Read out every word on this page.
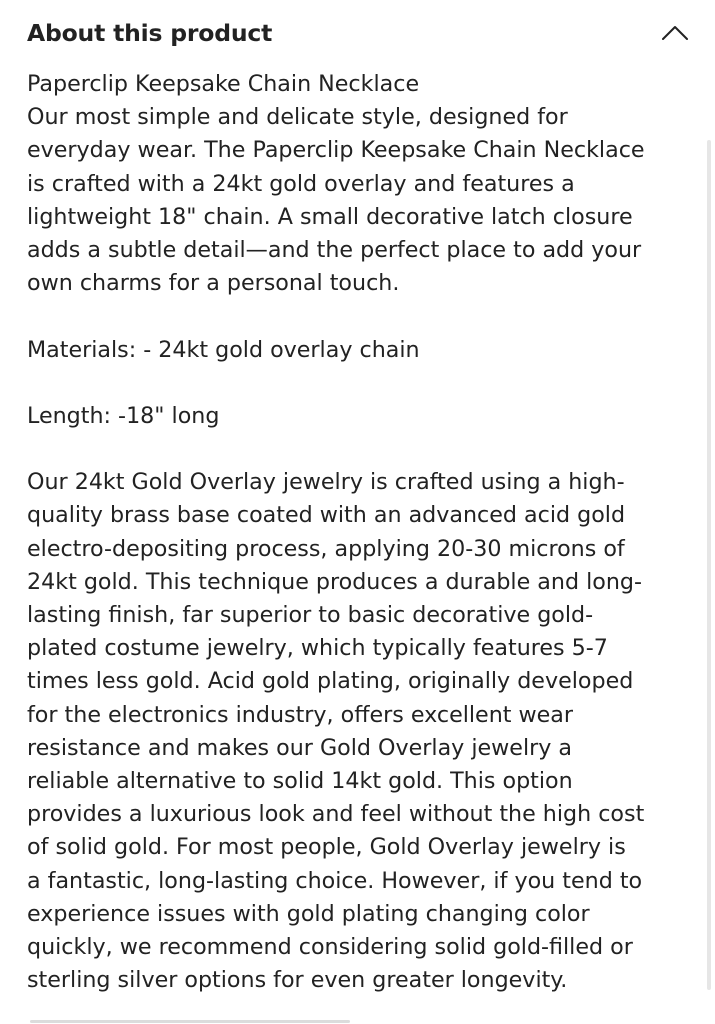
About this product
Paperclip Keepsake Chain Necklace
Our most simple and delicate style, designed for
everyday wear. The Paperclip Keepsake Chain Necklace
is crafted with a 24kt gold overlay and features a
lightweight 18" chain. A small decorative latch closure
adds a subtle detail—and the perfect place to add your
own charms for a personal touch.
Materials: - 24kt gold overlay chain
Length: -18" long
Our 24kt Gold Overlay jewelry is crafted using a high-
quality brass base coated with an advanced acid gold
electro-depositing process, applying 20-30 microns of
24kt gold. This technique produces a durable and long-
lasting finish, far superior to basic decorative gold-
plated costume jewelry, which typically features 5-7
times less gold. Acid gold plating, originally developed
for the electronics industry, offers excellent wear
resistance and makes our Gold Overlay jewelry a
reliable alternative to solid 14kt gold. This option
provides a luxurious look and feel without the high cost
of solid gold. For most people, Gold Overlay jewelry is
a fantastic, long-lasting choice. However, if you tend to
experience issues with gold plating changing color
quickly, we recommend considering solid gold-filled or
sterling silver options for even greater longevity.
